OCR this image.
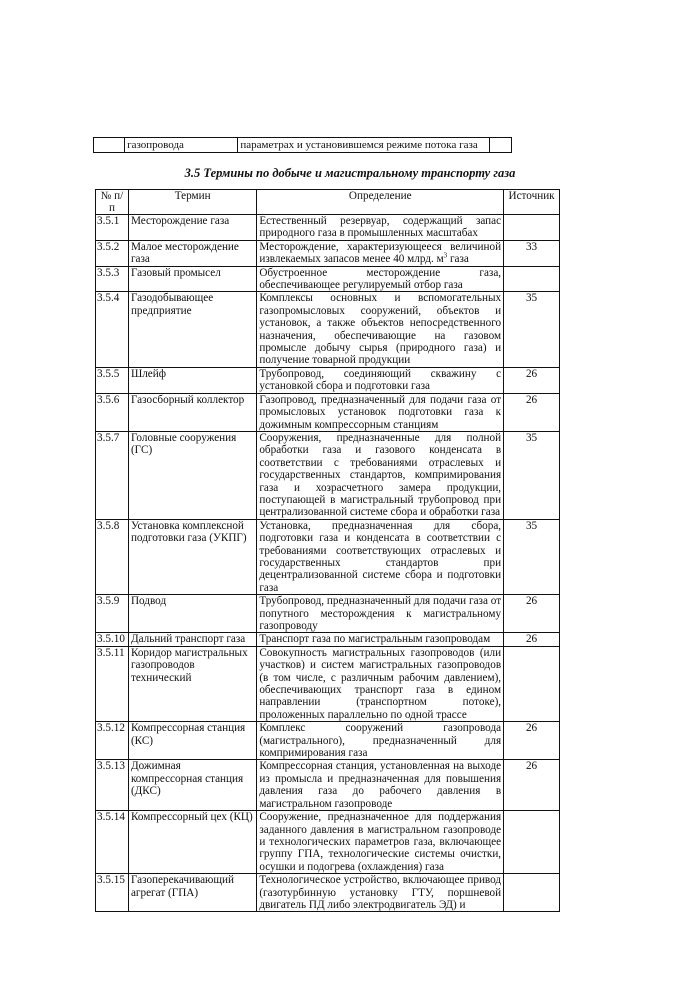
	газопровода	параметрах и установившемся режиме потока газа	
3.5 Термины по добыче и магистральному транспорту газа
№ п/п	Термин	Определение	Источник
3.5.1	Месторождение газа	Естественный резервуар, содержащий запас природного газа в промышленных масштабах	
3.5.2	Малое месторождение газа	Месторождение, характеризующееся величиной извлекаемых запасов менее 40 млрд. $м^3$ газа	33
3.5.3	Газовый промысел	Обустроенное месторождение газа, обеспечивающее регулируемый отбор газа	
3.5.4	Газодобывающее предприятие	Комплексы основных и вспомогательных газопромысловых сооружений, объектов и установок, а также объектов непосредственного назначения, обеспечивающие на газовом промысле добычу сырья (природного газа) и получение товарной продукции	35
3.5.5	Шлейф	Трубопровод, соединяющий скважину с установкой сбора и подготовки газа	26
3.5.6	Газосборный коллектор	Газопровод, предназначенный для подачи газа от промысловых установок подготовки газа к дожимным компрессорным станциям	26
3.5.7	Головные сооружения (ГС)	Сооружения, предназначенные для полной обработки газа и газового конденсата в соответствии с требованиями отраслевых и государственных стандартов, компримирования газа и хозрасчетного замера продукции, поступающей в магистральный трубопровод при централизованной системе сбора и обработки газа	35
3.5.8	Установка комплексной подготовки газа (УКПГ)	Установка, предназначенная для сбора, подготовки газа и конденсата в соответствии с требованиями соответствующих отраслевых и государственных стандартов при децентрализованной системе сбора и подготовки газа	35
3.5.9	Подвод	Трубопровод, предназначенный для подачи газа от попутного месторождения к магистральному газопроводу	26
3.5.10	Дальний транспорт газа	Транспорт газа по магистральным газопроводам	26
3.5.11	Коридор магистральных газопроводов технический	Совокупность магистральных газопроводов (или участков) и систем магистральных газопроводов (в том числе, с различным рабочим давлением), обеспечивающих транспорт газа в едином направлении (транспортном потоке), проложенных параллельно по одной трассе	
3.5.12	Компрессорная станция (КС)	Комплекс сооружений газопровода (магистрального), предназначенный для компримирования газа	26
3.5.13	Дожимная компрессорная станция (ДКС)	Компрессорная станция, установленная на выходе из промысла и предназначенная для повышения давления газа до рабочего давления в магистральном газопроводе	26
3.5.14	Компрессорный цех (КЦ)	Сооружение, предназначенное для поддержания заданного давления в магистральном газопроводе и технологических параметров газа, включающее группу ГПА, технологические системы очистки, осушки и подогрева (охлаждения) газа	
3.5.15	Газоперекачивающий агрегат (ГПА)	Технологическое устройство, включающее привод (газотурбинную установку ГТУ, поршневой двигатель ПД либо электродвигатель ЭД) и	
